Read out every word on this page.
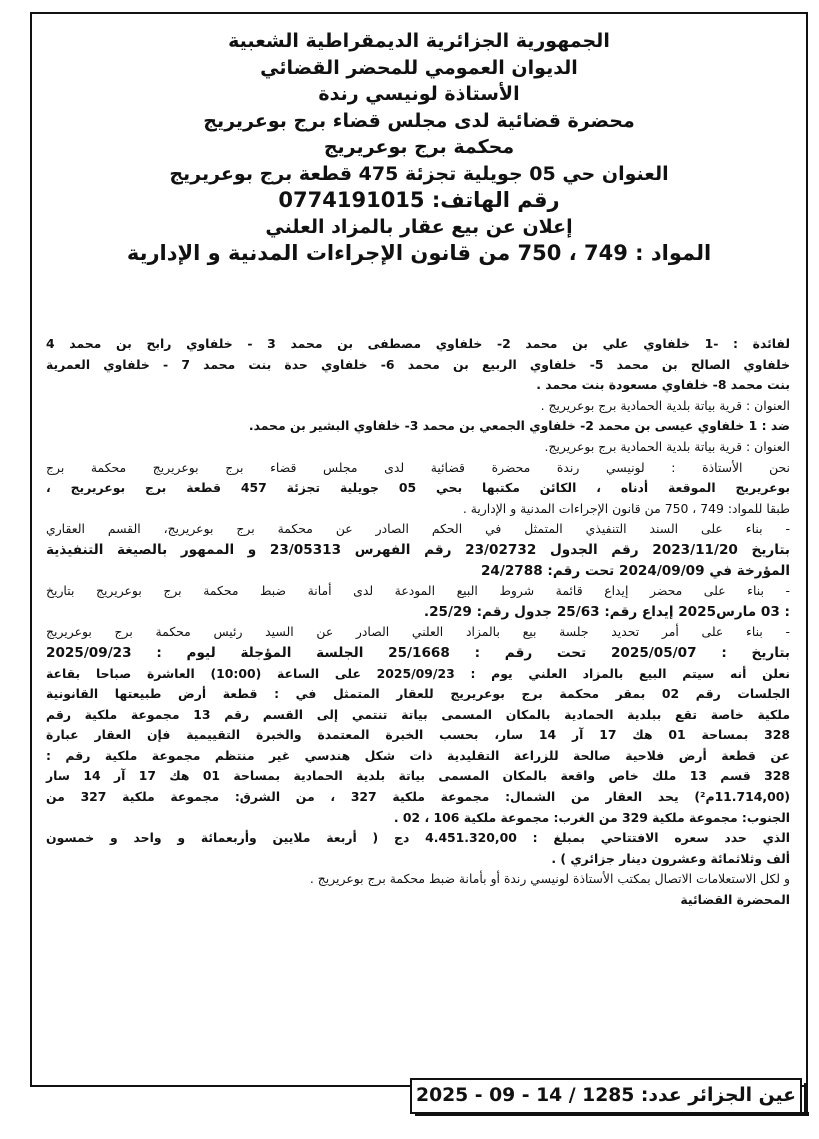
الجمهورية الجزائرية الديمقراطية الشعبية
الديوان العمومي للمحضر القضائي
الأستاذة لونيسي رندة
محضرة قضائية لدى مجلس قضاء برج بوعريريج
محكمة برج بوعريريج
العنوان حي 05 جويلية تجزئة 475 قطعة برج بوعريريج
رقم الهاتف: 0774191015
إعلان عن بيع عقار بالمزاد العلني
المواد : 749 ، 750 من قانون الإجراءات المدنية و الإدارية
لفائدة : -1 خلفاوي علي بن محمد 2- خلفاوي مصطفى بن محمد 3 - خلفاوي رابح بن محمد 4
خلفاوي الصالح بن محمد 5- خلفاوي الربيع بن محمد 6- خلفاوي حدة بنت محمد 7 - خلفاوي العمرية
بنت محمد 8- خلفاوي مسعودة بنت محمد .
العنوان : قرية بياتة بلدية الحمادية برج بوعريريج .
ضد : 1 خلفاوي عيسى بن محمد 2- خلفاوي الجمعي بن محمد 3- خلفاوي البشير بن محمد.
العنوان : قرية بياتة بلدية الحمادية برج بوعريريج.
نحن الأستاذة : لونيسي رندة محضرة قضائية لدى مجلس قضاء برج بوعريريج محكمة برج
بوعريريج الموقعة أدناه ، الكائن مكتبها بحي 05 جويلية تجزئة 457 قطعة برج بوعريريج ،
طبقا للمواد: 749 ، 750 من قانون الإجراءات المدنية و الإدارية .
- بناء على السند التنفيذي المتمثل في الحكم الصادر عن محكمة برج بوعريريج، القسم العقاري
بتاريخ 2023/11/20 رقم الجدول 23/02732 رقم الفهرس 23/05313 و الممهور بالصيغة التنفيذية
المؤرخة في 2024/09/09 تحت رقم: 24/2788
- بناء على محضر إيداع قائمة شروط البيع المودعة لدى أمانة ضبط محكمة برج بوعريريج بتاريخ
: 03 مارس2025 إيداع رقم: 25/63 جدول رقم: 25/29.
- بناء على أمر تحديد جلسة بيع بالمزاد العلني الصادر عن السيد رئيس محكمة برج بوعريريج
بتاريخ : 2025/05/07 تحت رقم : 25/1668 الجلسة المؤجلة ليوم : 2025/09/23
نعلن أنه سيتم البيع بالمزاد العلني يوم : 2025/09/23 على الساعة (10:00) العاشرة صباحا بقاعة
الجلسات رقم 02 بمقر محكمة برج بوعريريج للعقار المتمثل في : قطعة أرض طبيعتها القانونية
ملكية خاصة تقع ببلدية الحمادية بالمكان المسمى بياتة تنتمي إلى القسم رقم 13 مجموعة ملكية رقم
328 بمساحة 01 هك 17 آر 14 سار، بحسب الخبرة المعتمدة والخبرة التقييمية فإن العقار عبارة
عن قطعة أرض فلاحية صالحة للزراعة التقليدية ذات شكل هندسي غير منتظم مجموعة ملكية رقم :
328 قسم 13 ملك خاص واقعة بالمكان المسمى بياتة بلدية الحمادية بمساحة 01 هك 17 آر 14 سار
(11.714,00م²) يحد العقار من الشمال: مجموعة ملكية 327 ، من الشرق: مجموعة ملكية 327 من
الجنوب: مجموعة ملكية 329 من الغرب: مجموعة ملكية 106 ، 02 .
الذي حدد سعره الافتتاحي بمبلغ : 4.451.320,00 دج ( أربعة ملايين وأربعمائة و واحد و خمسون
ألف وثلاثمائة وعشرون دينار جزائري ) .
و لكل الاستعلامات الاتصال بمكتب الأستاذة لونيسي رندة أو بأمانة ضبط محكمة برج بوعريريج .
المحضرة القضائية
عين الجزائر عدد: 1285 / 14 - 09 - 2025
